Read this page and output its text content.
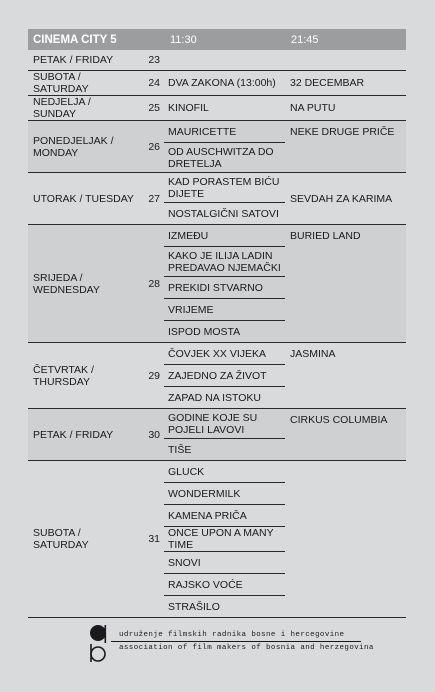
CINEMA CITY 5		11:30	21:45
PETAK / FRIDAY	23		
SUBOTA / SATURDAY	24	DVA ZAKONA (13:00h)	32 DECEMBAR
NEDJELJA / SUNDAY	25	KINOFIL	NA PUTU
PONEDJELJAK / MONDAY	26	MAURICETTE	NEKE DRUGE PRIČE
		OD AUSCHWITZA DO DRETELJA	
UTORAK / TUESDAY	27	KAD PORASTEM BIĆU DIJETE	SEVDAH ZA KARIMA
		NOSTALGIČNI SATOVI	
SRIJEDA / WEDNESDAY	28	IZMEĐU	BURIED LAND
		KAKO JE ILIJA LADIN PREDAVAO NJEMAČKI	
		PREKIDI STVARNO	
		VRIJEME	
		ISPOD MOSTA	
ČETVRTAK / THURSDAY	29	ČOVJEK XX VIJEKA	JASMINA
		ZAJEDNO ZA ŽIVOT	
		ZAPAD NA ISTOKU	
PETAK / FRIDAY	30	GODINE KOJE SU POJELI LAVOVI	CIRKUS COLUMBIA
		TIŠE	
SUBOTA / SATURDAY	31	GLUCK	
		WONDERMILK	
		KAMENA PRIČA	
		ONCE UPON A MANY TIME	
		SNOVI	
		RAJSKO VOĆE	
		STRAŠILO	
udruženje filmskih radnika bosne i hercegovine
association of film makers of bosnia and herzegovina
